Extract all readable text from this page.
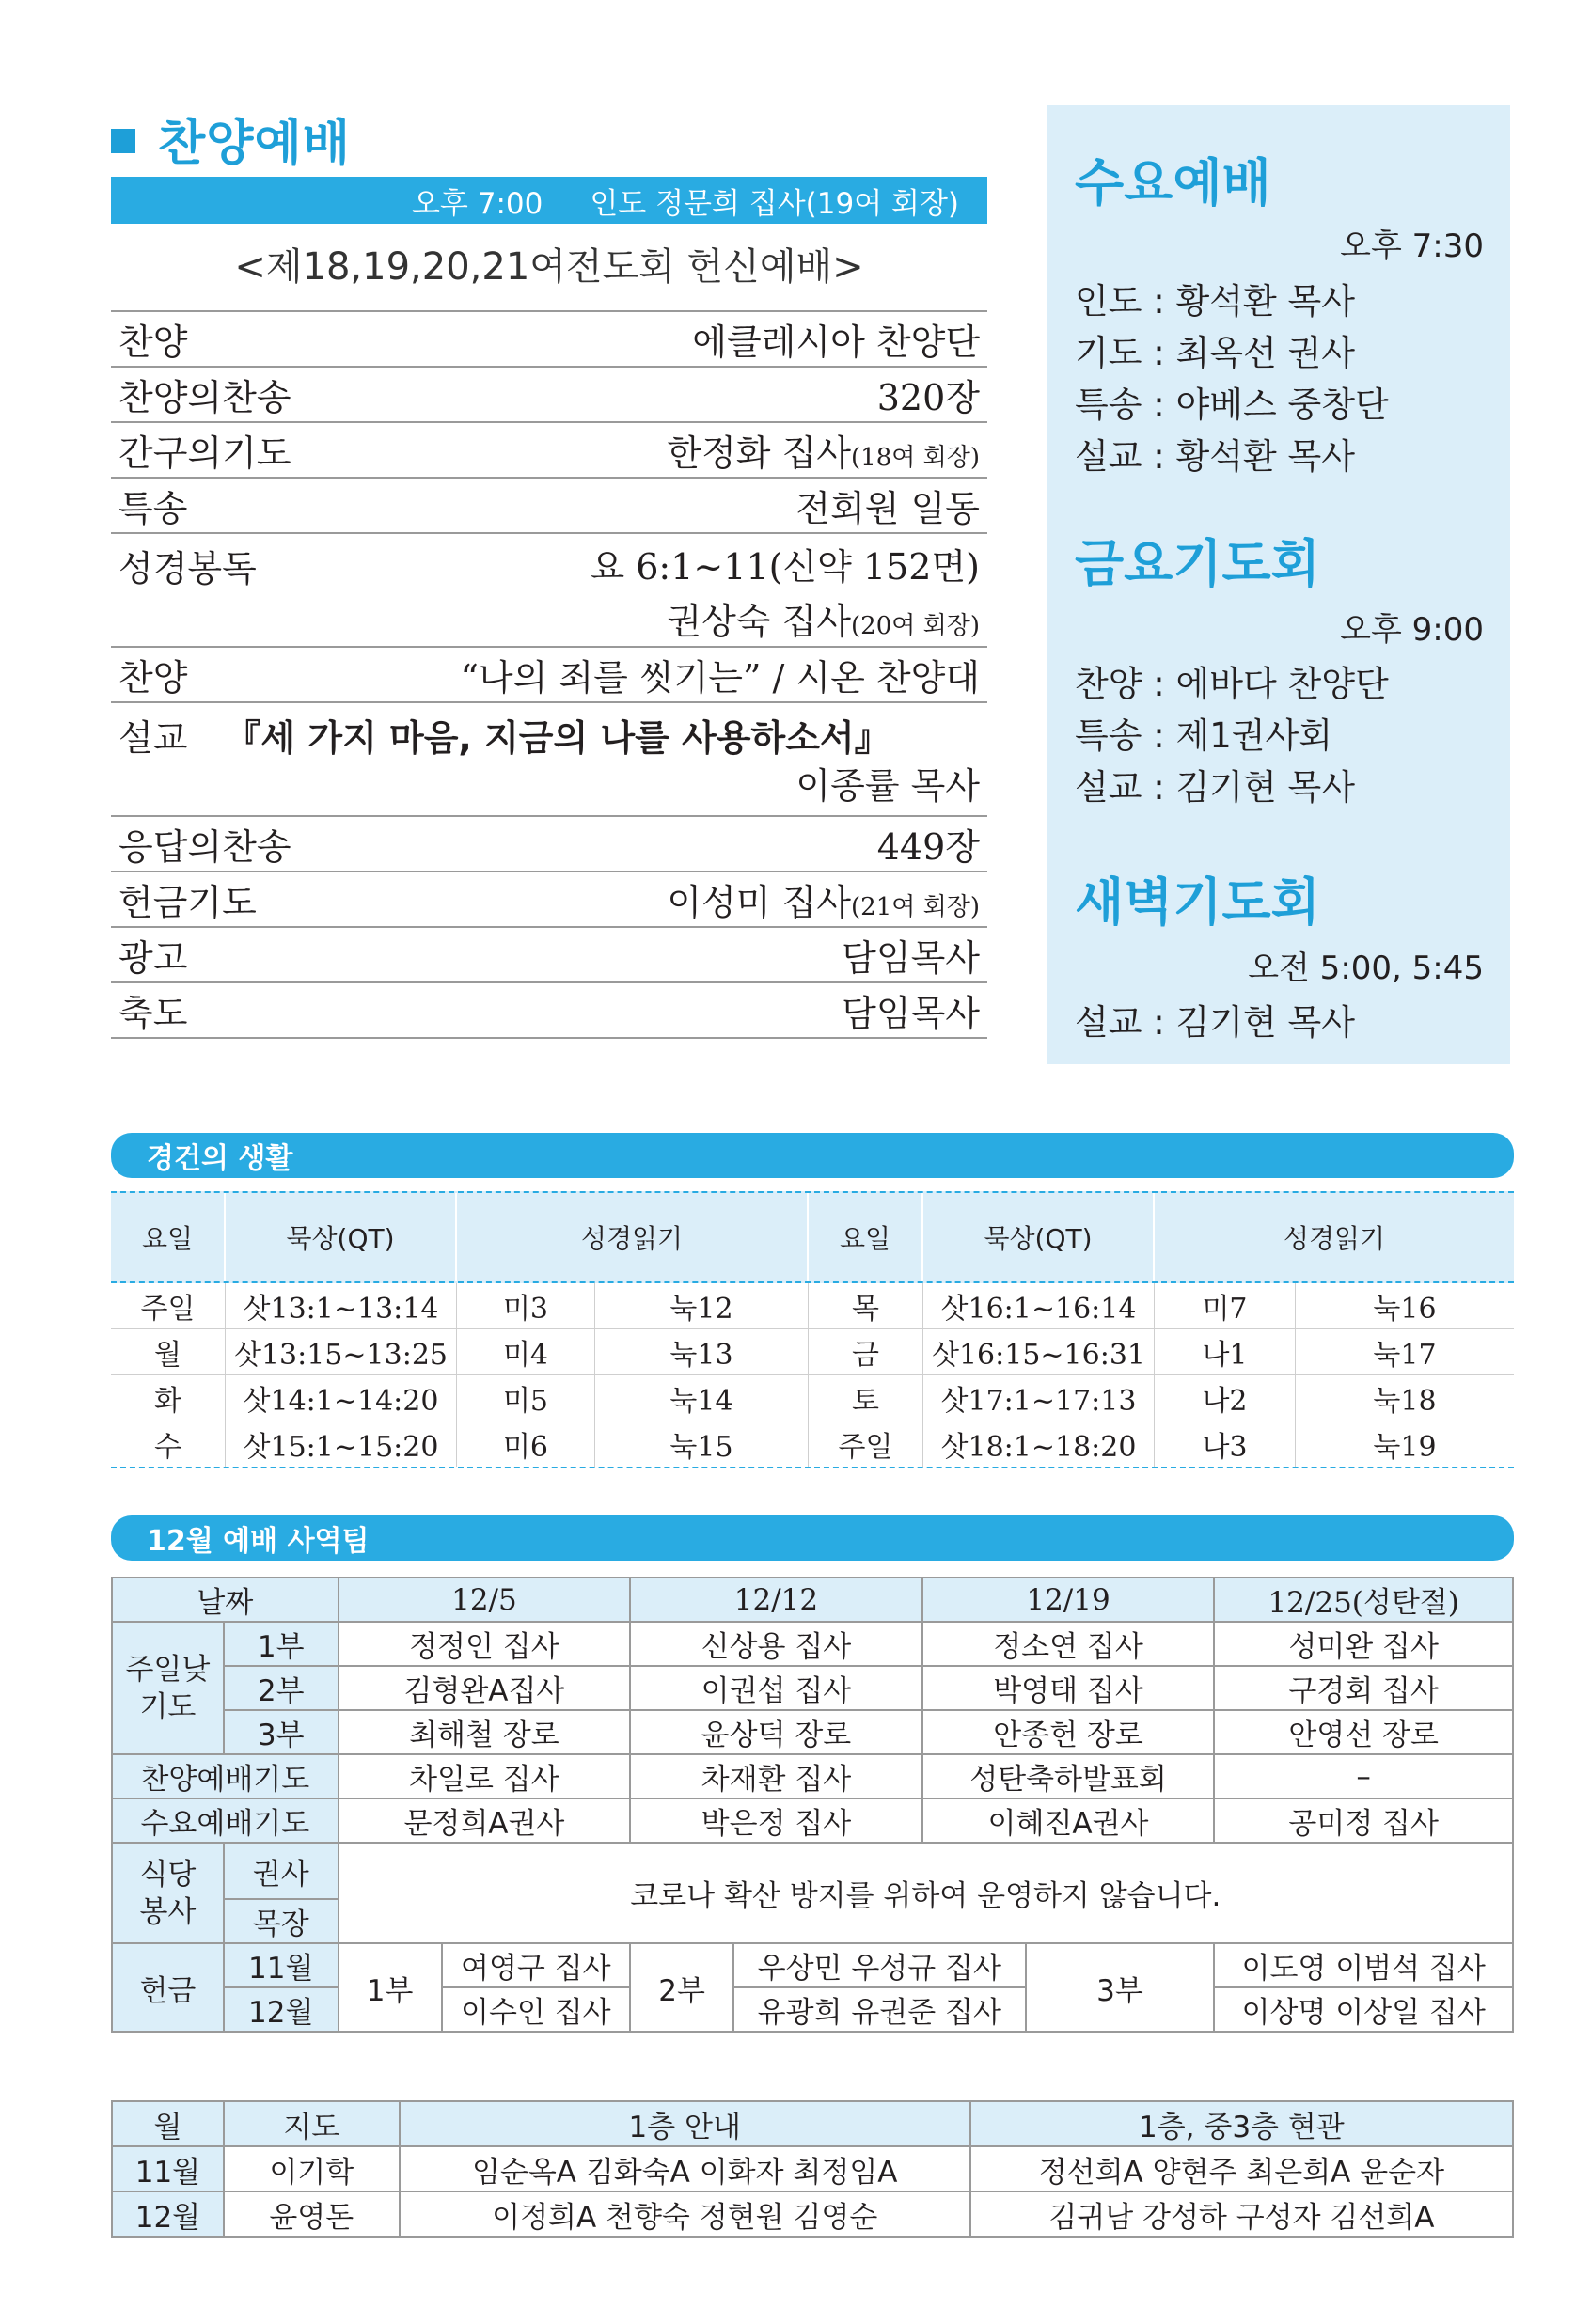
찬양예배
오후 7:00 인도 정문희 집사(19여 회장)
<제18,19,20,21여전도회 헌신예배>
찬양	에클레시아 찬양단
찬양의찬송	320장
간구의기도	한정화 집사(18여 회장)
특송	전회원 일동
성경봉독	요 6:1~11(신약 152면)
권상숙 집사(20여 회장)
찬양	“나의 죄를 씻기는” / 시온 찬양대
설교 『세 가지 마음, 지금의 나를 사용하소서』
이종률 목사
응답의찬송	449장
헌금기도	이성미 집사(21여 회장)
광고	담임목사
축도	담임목사
수요예배
오후 7:30
인도 : 황석환 목사
기도 : 최옥선 권사
특송 : 야베스 중창단
설교 : 황석환 목사
금요기도회
오후 9:00
찬양 : 에바다 찬양단
특송 : 제1권사회
설교 : 김기현 목사
새벽기도회
오전 5:00, 5:45
설교 : 김기현 목사
경건의 생활
요일	묵상(QT)	성경읽기	요일	묵상(QT)	성경읽기
주일	삿13:1~13:14	미3	눅12	목	삿16:1~16:14	미7	눅16
월	삿13:15~13:25	미4	눅13	금	삿16:15~16:31	나1	눅17
화	삿14:1~14:20	미5	눅14	토	삿17:1~17:13	나2	눅18
수	삿15:1~15:20	미6	눅15	주일	삿18:1~18:20	나3	눅19
12월 예배 사역팀
날짜		12/5		12/12		12/19		12/25(성탄절)
주일낮
기도	1부	정정인 집사		신상용 집사		정소연 집사		성미완 집사
	2부	김형완A집사		이권섭 집사		박영태 집사		구경회 집사
	3부	최해철 장로		윤상덕 장로		안종헌 장로		안영선 장로
찬양예배기도		차일로 집사		차재환 집사		성탄축하발표회		–
수요예배기도		문정희A권사		박은정 집사		이혜진A권사		공미정 집사
식당
봉사	권사	코로나 확산 방지를 위하여 운영하지 않습니다.						
	목장							
헌금	11월	1부	여영구 집사	2부	우상민 우성규 집사		3부	이도영 이범석 집사
	12월		이수인 집사		유광희 유권준 집사			이상명 이상일 집사
월	지도	1층 안내	1층, 중3층 현관
11월	이기학	임순옥A 김화숙A 이화자 최정임A	정선희A 양현주 최은희A 윤순자
12월	윤영돈	이정희A 천향숙 정현원 김영순	김귀남 강성하 구성자 김선희A
